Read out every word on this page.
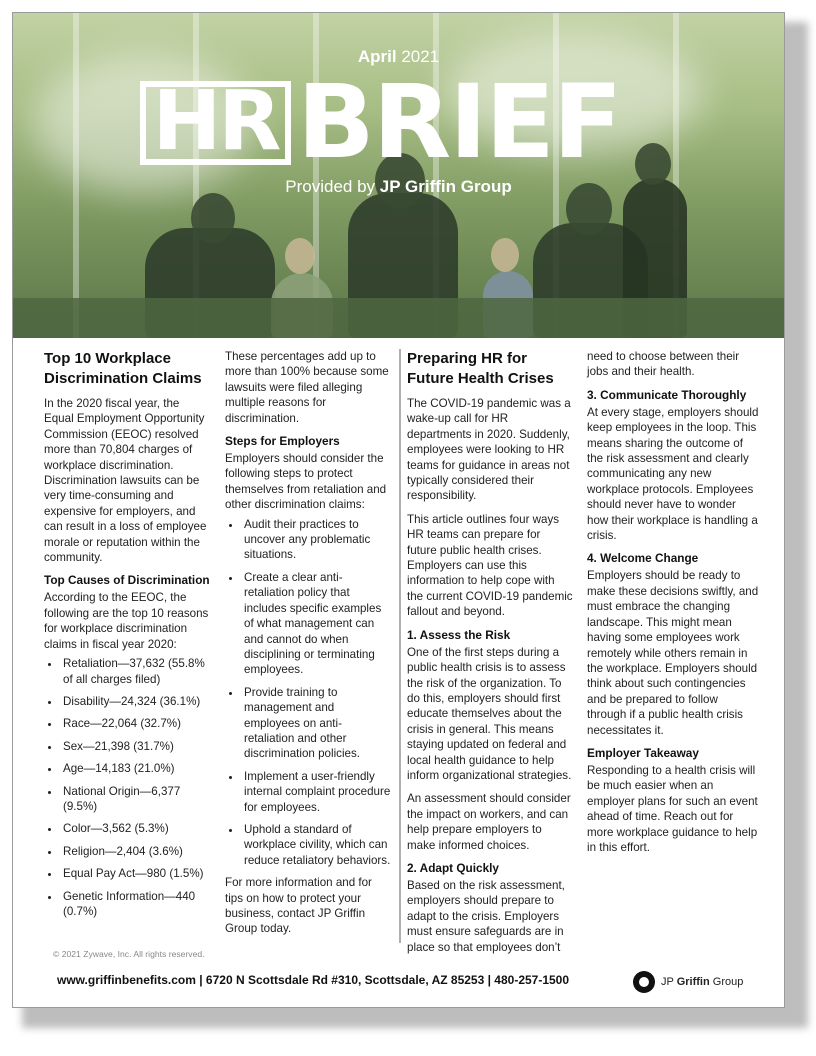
April 2021
HR BRIEF
Provided by JP Griffin Group
Top 10 Workplace Discrimination Claims

In the 2020 fiscal year, the Equal Employment Opportunity Commission (EEOC) resolved more than 70,804 charges of workplace discrimination. Discrimination lawsuits can be very time-consuming and expensive for employers, and can result in a loss of employee morale or reputation within the community.

Top Causes of Discrimination

According to the EEOC, the following are the top 10 reasons for workplace discrimination claims in fiscal year 2020:

• Retaliation—37,632 (55.8% of all charges filed)
• Disability—24,324 (36.1%)
• Race—22,064 (32.7%)
• Sex—21,398 (31.7%)
• Age—14,183 (21.0%)
• National Origin—6,377 (9.5%)
• Color—3,562 (5.3%)
• Religion—2,404 (3.6%)
• Equal Pay Act—980 (1.5%)
• Genetic Information—440 (0.7%)

These percentages add up to more than 100% because some lawsuits were filed alleging multiple reasons for discrimination.

Steps for Employers

Employers should consider the following steps to protect themselves from retaliation and other discrimination claims:

• Audit their practices to uncover any problematic situations.
• Create a clear anti-retaliation policy that includes specific examples of what management can and cannot do when disciplining or terminating employees.
• Provide training to management and employees on anti-retaliation and other discrimination policies.
• Implement a user-friendly internal complaint procedure for employees.
• Uphold a standard of workplace civility, which can reduce retaliatory behaviors.

For more information and for tips on how to protect your business, contact JP Griffin Group today.

Preparing HR for Future Health Crises

The COVID-19 pandemic was a wake-up call for HR departments in 2020. Suddenly, employees were looking to HR teams for guidance in areas not typically considered their responsibility.

This article outlines four ways HR teams can prepare for future public health crises. Employers can use this information to help cope with the current COVID-19 pandemic fallout and beyond.

1. Assess the Risk

One of the first steps during a public health crisis is to assess the risk of the organization. To do this, employers should first educate themselves about the crisis in general. This means staying updated on federal and local health guidance to help inform organizational strategies.

An assessment should consider the impact on workers, and can help prepare employers to make informed choices.

2. Adapt Quickly

Based on the risk assessment, employers should prepare to adapt to the crisis. Employers must ensure safeguards are in place so that employees don’t

need to choose between their jobs and their health.

3. Communicate Thoroughly

At every stage, employers should keep employees in the loop. This means sharing the outcome of the risk assessment and clearly communicating any new workplace protocols. Employees should never have to wonder how their workplace is handling a crisis.

4. Welcome Change

Employers should be ready to make these decisions swiftly, and must embrace the changing landscape. This might mean having some employees work remotely while others remain in the workplace. Employers should think about such contingencies and be prepared to follow through if a public health crisis necessitates it.

Employer Takeaway

Responding to a health crisis will be much easier when an employer plans for such an event ahead of time. Reach out for more workplace guidance to help in this effort.

© 2021 Zywave, Inc. All rights reserved.
www.griffinbenefits.com | 6720 N Scottsdale Rd #310, Scottsdale, AZ 85253 | 480-257-1500	JP Griffin Group
